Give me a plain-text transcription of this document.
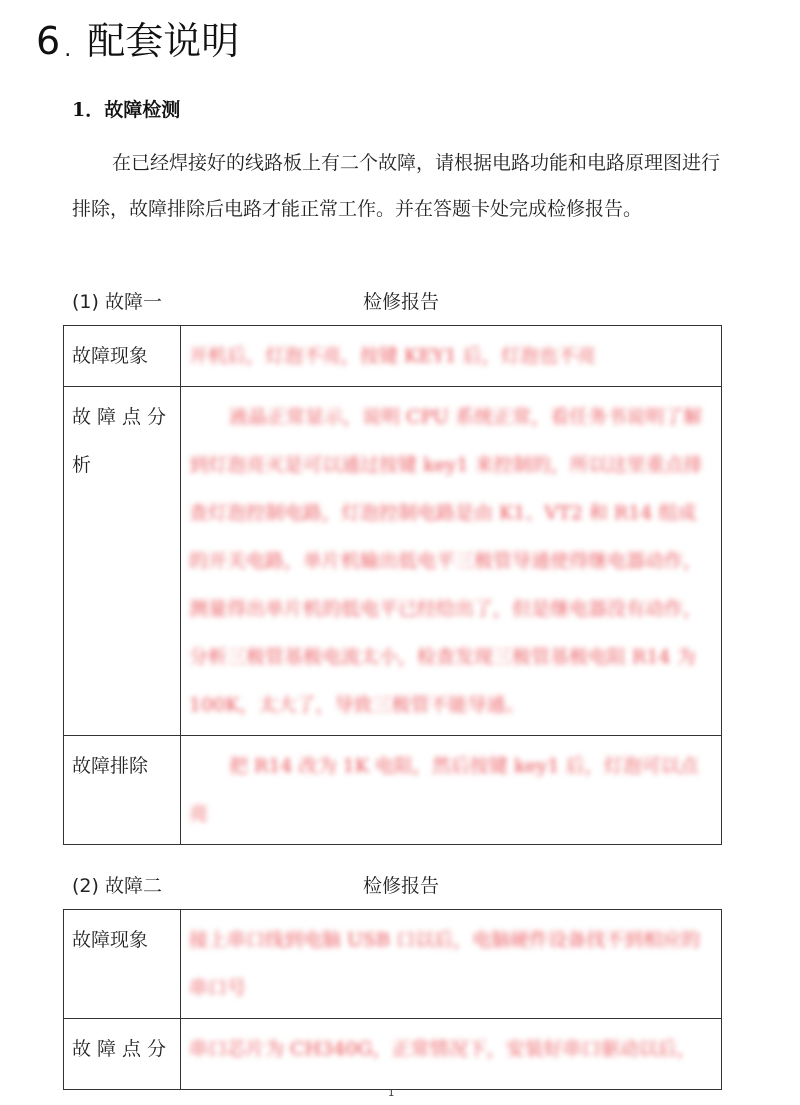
6 . 配套说明
1．故障检测
在已经焊接好的线路板上有二个故障，请根据电路功能和电路原理图进行排除，故障排除后电路才能正常工作。并在答题卡处完成检修报告。
(1) 故障一	检修报告
故障现象	开机后，灯泡不亮，按键 KEY1 后，灯泡也不亮
故障点分析	液晶正常显示，说明 CPU 系统正常，看任务书说明了解到灯泡亮灭是可以通过按键 key1 来控制的，所以这里重点排查灯泡控制电路，灯泡控制电路是由 K1、VT2 和 R14 组成的开关电路，单片机输出低电平三极管导通使得继电器动作，测量得出单片机的低电平已经给出了，但是继电器没有动作，分析三极管基极电流太小，检查发现三极管基极电阻 R14 为 100K，太大了，导致三极管不能导通。
故障排除	把 R14 改为 1K 电阻，然后按键 key1 后，灯泡可以点亮
(2) 故障二	检修报告
故障现象	接上串口线到电脑 USB 口以后，电脑硬件设备找不到相应的串口号
故障点分	串口芯片为 CH340G，正常情况下，安装好串口驱动以后，
1
